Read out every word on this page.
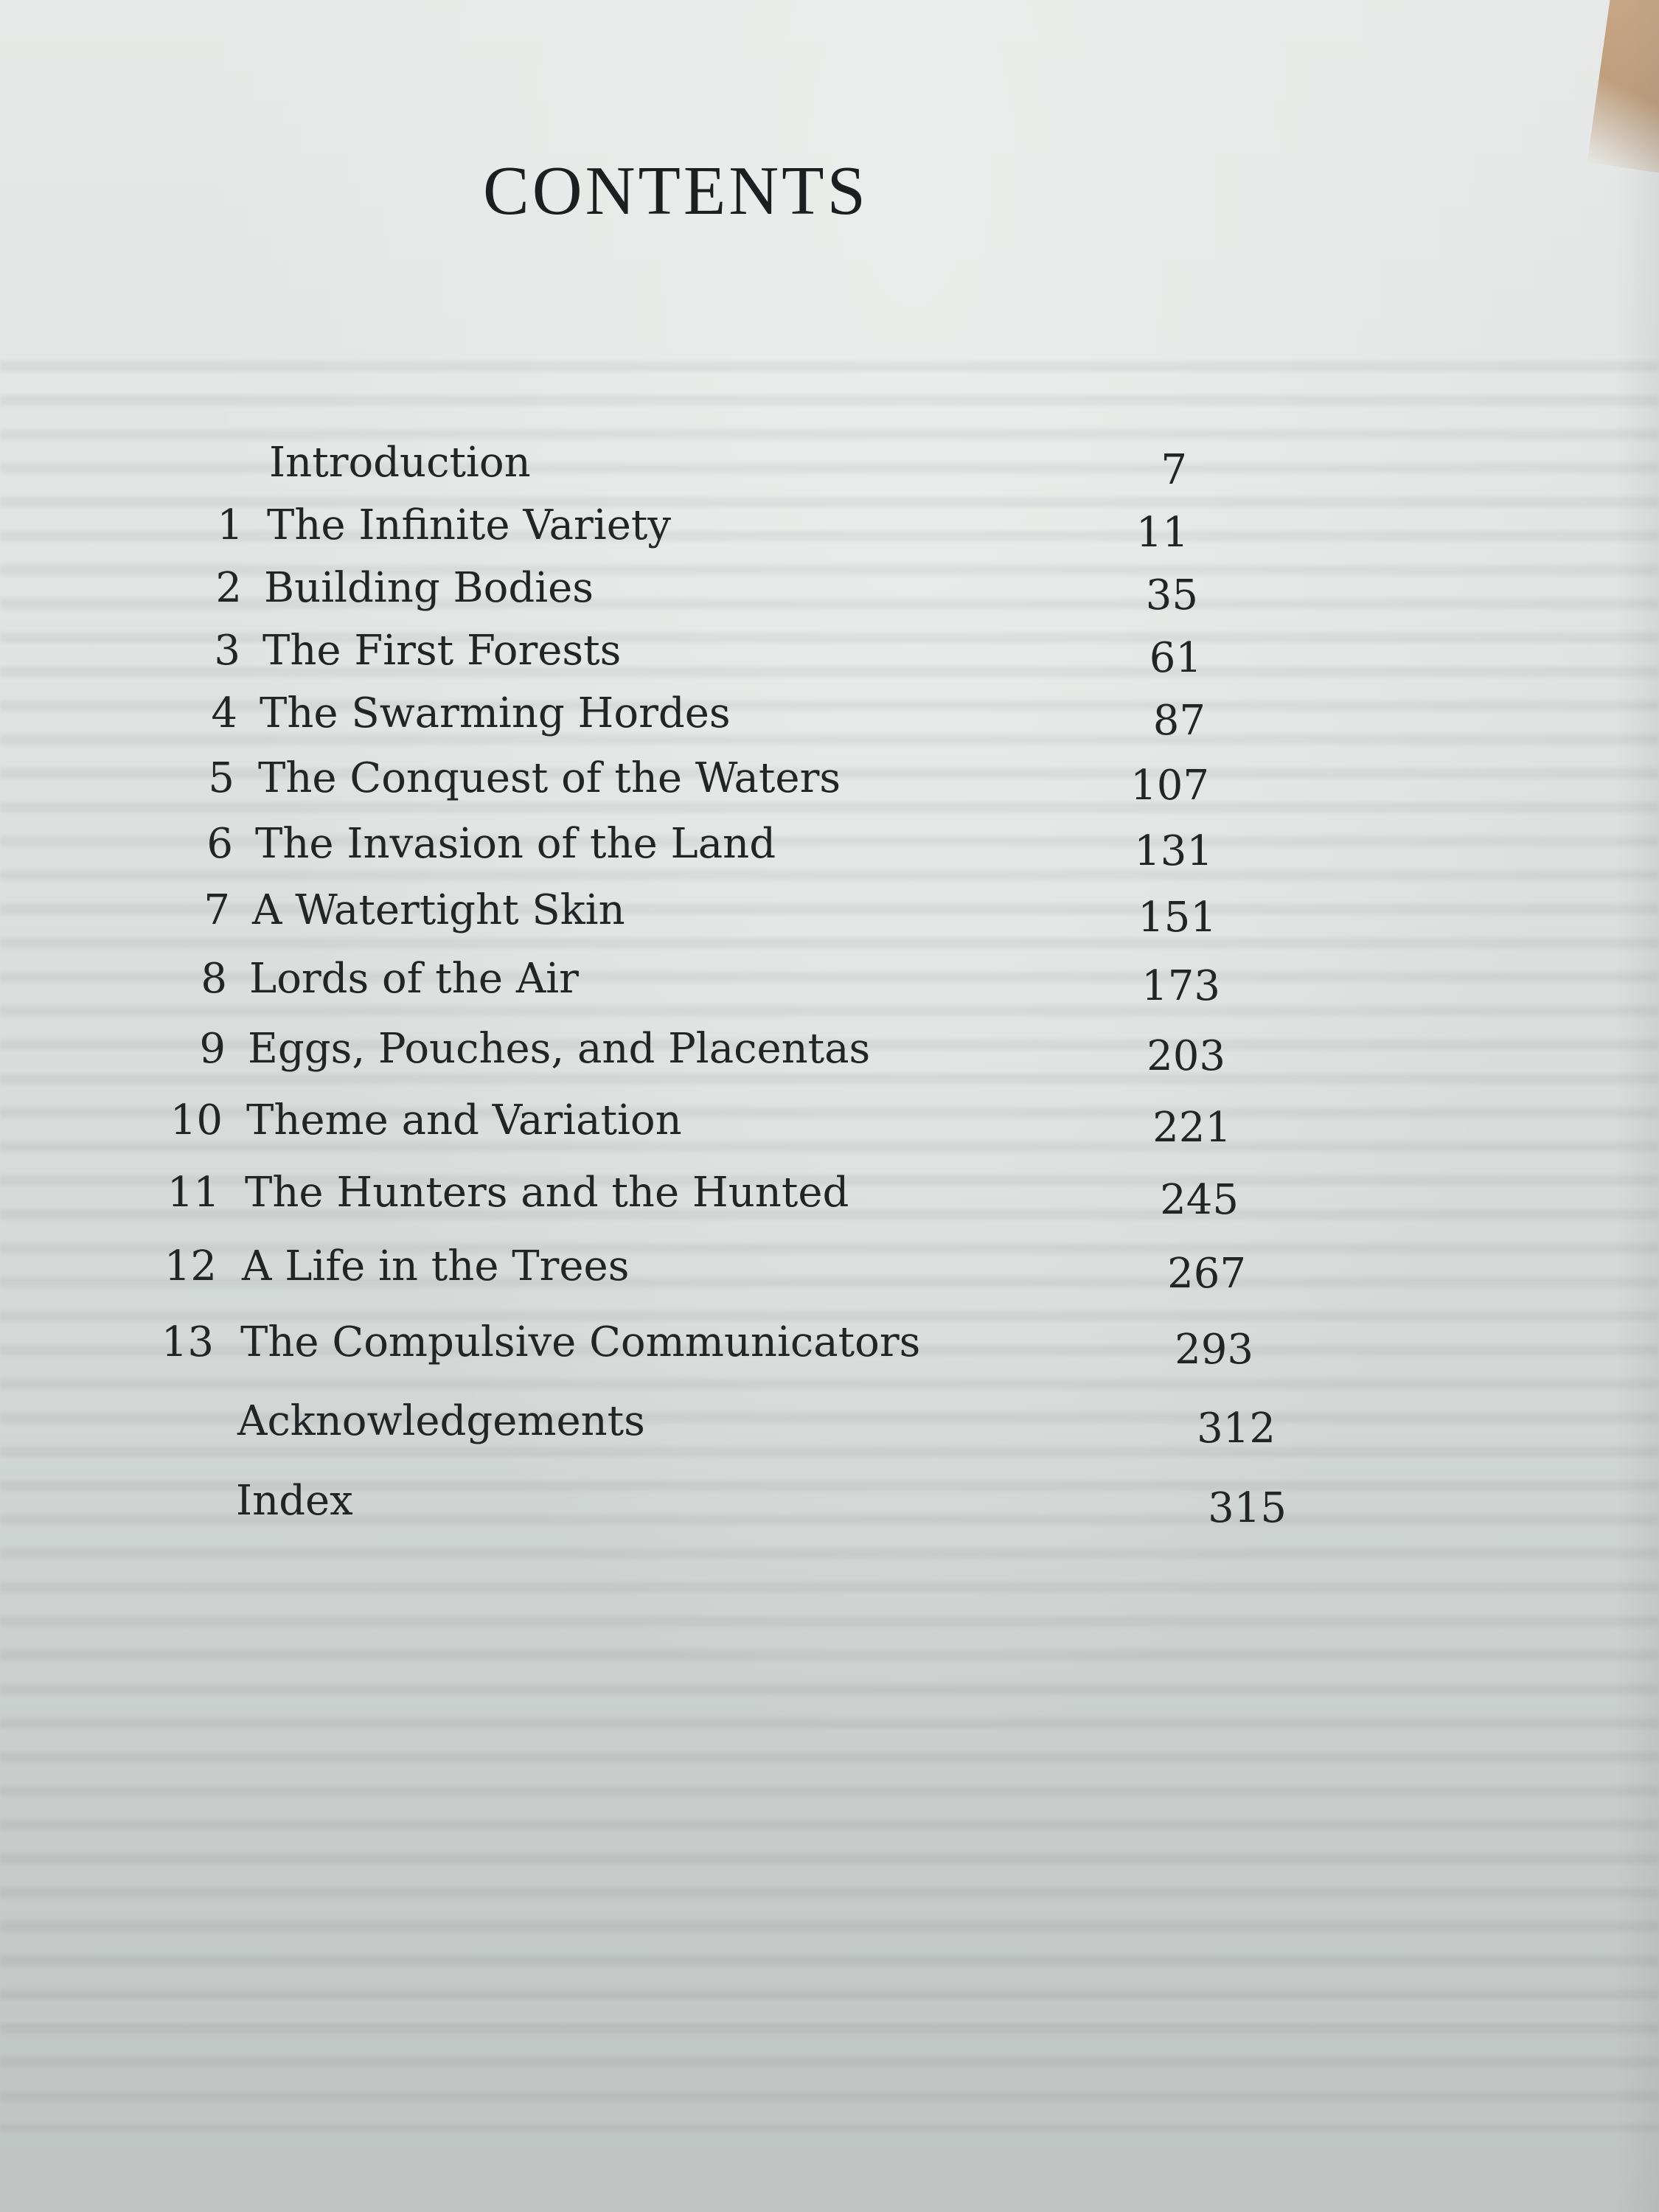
CONTENTS
Introduction	7
1 The Infinite Variety	11
2 Building Bodies	35
3 The First Forests	61
4 The Swarming Hordes	87
5 The Conquest of the Waters	107
6 The Invasion of the Land	131
7 A Watertight Skin	151
8 Lords of the Air	173
9 Eggs, Pouches, and Placentas	203
10 Theme and Variation	221
11 The Hunters and the Hunted	245
12 A Life in the Trees	267
13 The Compulsive Communicators	293
Acknowledgements	312
Index	315
